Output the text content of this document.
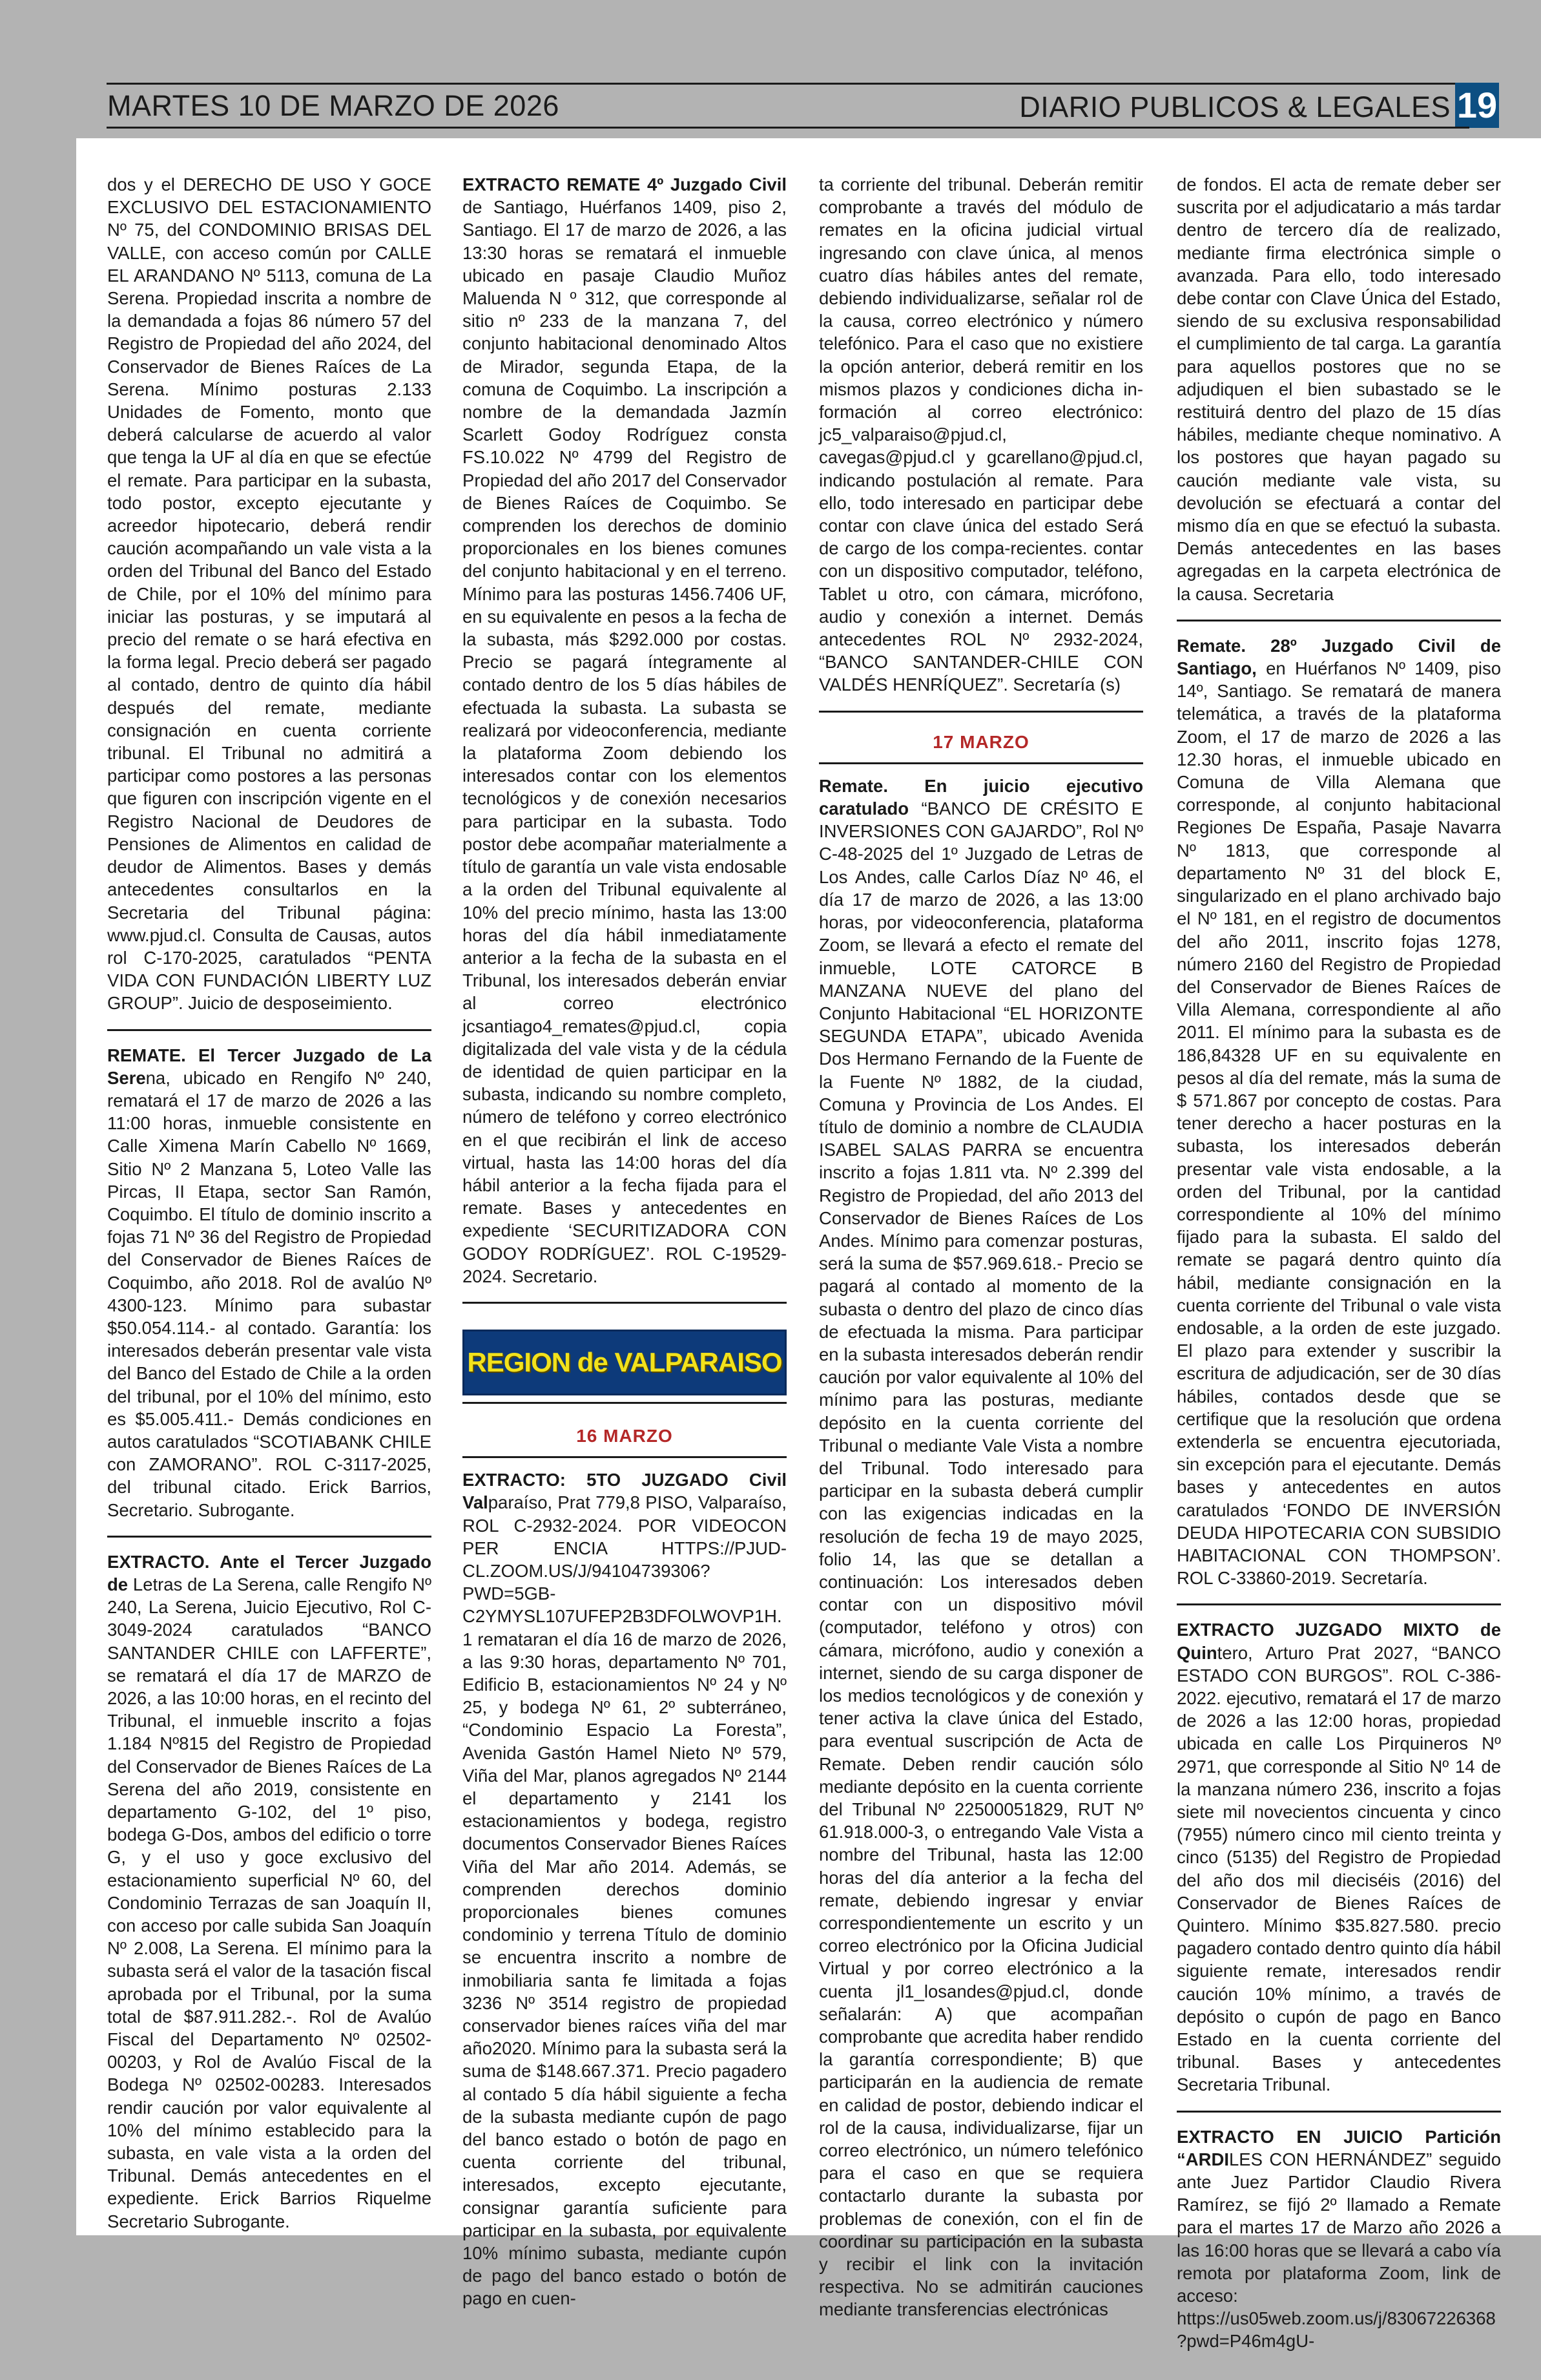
MARTES 10 DE MARZO DE 2026	DIARIO PUBLICOS & LEGALES 19

dos y el DERECHO DE USO Y GOCE EXCLUSIVO DEL ESTACIONAMIENTO Nº 75, del CONDOMINIO BRISAS DEL VALLE, con acceso común por CALLE EL ARANDANO Nº 5113, comuna de La Serena. Propiedad inscrita a nombre de la demandada a fojas 86 número 57 del Registro de Propiedad del año 2024, del Conservador de Bienes Raíces de La Serena. Mínimo posturas 2.133 Unidades de Fomento, monto que deberá calcularse de acuerdo al valor que tenga la UF al día en que se efectúe el remate. Para participar en la subasta, todo postor, excepto ejecutante y acreedor hipotecario, deberá rendir caución acompañando un vale vista a la orden del Tribunal del Banco del Estado de Chile, por el 10% del mínimo para iniciar las posturas, y se imputará al precio del remate o se hará efectiva en la forma legal. Precio deberá ser pagado al contado, dentro de quinto día hábil después del remate, mediante consignación en cuenta corriente tribunal. El Tribunal no admitirá a participar como postores a las personas que figuren con inscripción vigente en el Registro Nacional de Deudores de Pensiones de Alimentos en calidad de deudor de Alimentos. Bases y demás antecedentes consultarlos en la Secretaria del Tribunal página: www.pjud.cl. Consulta de Causas, autos rol C-170-2025, caratulados “PENTA VIDA CON FUNDACIÓN LIBERTY LUZ GROUP”. Juicio de desposeimiento.

REMATE. El Tercer Juzgado de La Serena, ubicado en Rengifo Nº 240, rematará el 17 de marzo de 2026 a las 11:00 horas, inmueble consistente en Calle Ximena Marín Cabello Nº 1669, Sitio Nº 2 Manzana 5, Loteo Valle las Pircas, II Etapa, sector San Ramón, Coquimbo. El título de dominio inscrito a fojas 71 Nº 36 del Registro de Propiedad del Conservador de Bienes Raíces de Coquimbo, año 2018. Rol de avalúo Nº 4300-123. Mínimo para subastar $50.054.114.- al contado. Garantía: los interesados deberán presentar vale vista del Banco del Estado de Chile a la orden del tribunal, por el 10% del mínimo, esto es $5.005.411.- Demás condiciones en autos caratulados “SCOTIABANK CHILE con ZAMORANO”. ROL C-3117-2025, del tribunal citado. Erick Barrios, Secretario. Subrogante.

EXTRACTO. Ante el Tercer Juzgado de Letras de La Serena, calle Rengifo Nº 240, La Serena, Juicio Ejecutivo, Rol C-3049-2024 caratulados “BANCO SANTANDER CHILE con LAFFERTE”, se rematará el día 17 de MARZO de 2026, a las 10:00 horas, en el recinto del Tribunal, el inmueble inscrito a fojas 1.184 Nº815 del Registro de Propiedad del Conservador de Bienes Raíces de La Serena del año 2019, consistente en departamento G-102, del 1º piso, bodega G-Dos, ambos del edificio o torre G, y el uso y goce exclusivo del estacionamiento superficial Nº 60, del Condominio Terrazas de san Joaquín II, con acceso por calle subida San Joaquín Nº 2.008, La Serena. El mínimo para la subasta será el valor de la tasación fiscal aprobada por el Tribunal, por la suma total de $87.911.282.-. Rol de Avalúo Fiscal del Departamento Nº 02502-00203, y Rol de Avalúo Fiscal de la Bodega Nº 02502-00283. Interesados rendir caución por valor equivalente al 10% del mínimo establecido para la subasta, en vale vista a la orden del Tribunal. Demás antecedentes en el expediente. Erick Barrios Riquelme Secretario Subrogante.

EXTRACTO REMATE 4º Juzgado Civil de Santiago, Huérfanos 1409, piso 2, Santiago. El 17 de marzo de 2026, a las 13:30 horas se rematará el inmueble ubicado en pasaje Claudio Muñoz Maluenda N º 312, que corresponde al sitio nº 233 de la manzana 7, del conjunto habitacional denominado Altos de Mirador, segunda Etapa, de la comuna de Coquimbo. La inscripción a nombre de la demandada Jazmín Scarlett Godoy Rodríguez consta FS.10.022 Nº 4799 del Registro de Propiedad del año 2017 del Conservador de Bienes Raíces de Coquimbo. Se comprenden los derechos de dominio proporcionales en los bienes comunes del conjunto habitacional y en el terreno. Mínimo para las posturas 1456.7406 UF, en su equivalente en pesos a la fecha de la subasta, más $292.000 por costas. Precio se pagará íntegramente al contado dentro de los 5 días hábiles de efectuada la subasta. La subasta se realizará por videoconferencia, mediante la plataforma Zoom debiendo los interesados contar con los elementos tecnológicos y de conexión necesarios para participar en la subasta. Todo postor debe acompañar materialmente a título de garantía un vale vista endosable a la orden del Tribunal equivalente al 10% del precio mínimo, hasta las 13:00 horas del día hábil inmediatamente anterior a la fecha de la subasta en el Tribunal, los interesados deberán enviar al correo electrónico jcsantiago4_remates@pjud.cl, copia digitalizada del vale vista y de la cédula de identidad de quien participar en la subasta, indicando su nombre completo, número de teléfono y correo electrónico en el que recibirán el link de acceso virtual, hasta las 14:00 horas del día hábil anterior a la fecha fijada para el remate. Bases y antecedentes en expediente ‘SECURITIZADORA CON GODOY RODRÍGUEZ’. ROL C-19529-2024. Secretario.

REGION de VALPARAISO
16 MARZO

EXTRACTO: 5TO JUZGADO Civil Valparaíso, Prat 779,8 PISO, Valparaíso, ROL C-2932-2024. POR VIDEOCON PER ENCIA HTTPS://PJUD-CL.ZOOM.US/J/94104739306?PWD=5GB-C2YMYSL107UFEP2B3DFOLWOVP1H.1 remataran el día 16 de marzo de 2026, a las 9:30 horas, departamento Nº 701, Edificio B, estacionamientos Nº 24 y Nº 25, y bodega Nº 61, 2º subterráneo, “Condominio Espacio La Foresta”, Avenida Gastón Hamel Nieto Nº 579, Viña del Mar, planos agregados Nº 2144 el departamento y 2141 los estacionamientos y bodega, registro documentos Conservador Bienes Raíces Viña del Mar año 2014. Además, se comprenden derechos dominio proporcionales bienes comunes condominio y terrena Título de dominio se encuentra inscrito a nombre de inmobiliaria santa fe limitada a fojas 3236 Nº 3514 registro de propiedad conservador bienes raíces viña del mar año2020. Mínimo para la subasta será la suma de $148.667.371. Precio pagadero al contado 5 día hábil siguiente a fecha de la subasta mediante cupón de pago del banco estado o botón de pago en cuenta corriente del tribunal, interesados, excepto ejecutante, consignar garantía suficiente para participar en la subasta, por equivalente 10% mínimo subasta, mediante cupón de pago del banco estado o botón de pago en cuen-

ta corriente del tribunal. Deberán remitir comprobante a través del módulo de remates en la oficina judicial virtual ingresando con clave única, al menos cuatro días hábiles antes del remate, debiendo individualizarse, señalar rol de la causa, correo electrónico y número telefónico. Para el caso que no existiere la opción anterior, deberá remitir en los mismos plazos y condiciones dicha in-formación al correo electrónico: jc5_valparaiso@pjud.cl, cavegas@pjud.cl y gcarellano@pjud.cl, indicando postulación al remate. Para ello, todo interesado en participar debe contar con clave única del estado Será de cargo de los compa-recientes. contar con un dispositivo computador, teléfono, Tablet u otro, con cámara, micrófono, audio y conexión a internet. Demás antecedentes ROL Nº 2932-2024, “BANCO SANTANDER-CHILE CON VALDÉS HENRÍQUEZ”. Secretaría (s)

17 MARZO

Remate. En juicio ejecutivo caratulado “BANCO DE CRÉSITO E INVERSIONES CON GAJARDO”, Rol Nº C-48-2025 del 1º Juzgado de Letras de Los Andes, calle Carlos Díaz Nº 46, el día 17 de marzo de 2026, a las 13:00 horas, por videoconferencia, plataforma Zoom, se llevará a efecto el remate del inmueble, LOTE CATORCE B MANZANA NUEVE del plano del Conjunto Habitacional “EL HORIZONTE SEGUNDA ETAPA”, ubicado Avenida Dos Hermano Fernando de la Fuente de la Fuente Nº 1882, de la ciudad, Comuna y Provincia de Los Andes. El título de dominio a nombre de CLAUDIA ISABEL SALAS PARRA se encuentra inscrito a fojas 1.811 vta. Nº 2.399 del Registro de Propiedad, del año 2013 del Conservador de Bienes Raíces de Los Andes. Mínimo para comenzar posturas, será la suma de $57.969.618.- Precio se pagará al contado al momento de la subasta o dentro del plazo de cinco días de efectuada la misma. Para participar en la subasta interesados deberán rendir caución por valor equivalente al 10% del mínimo para las posturas, mediante depósito en la cuenta corriente del Tribunal o mediante Vale Vista a nombre del Tribunal. Todo interesado para participar en la subasta deberá cumplir con las exigencias indicadas en la resolución de fecha 19 de mayo 2025, folio 14, las que se detallan a continuación: Los interesados deben contar con un dispositivo móvil (computador, teléfono y otros) con cámara, micrófono, audio y conexión a internet, siendo de su carga disponer de los medios tecnológicos y de conexión y tener activa la clave única del Estado, para eventual suscripción de Acta de Remate. Deben rendir caución sólo mediante depósito en la cuenta corriente del Tribunal Nº 22500051829, RUT Nº 61.918.000-3, o entregando Vale Vista a nombre del Tribunal, hasta las 12:00 horas del día anterior a la fecha del remate, debiendo ingresar y enviar correspondientemente un escrito y un correo electrónico por la Oficina Judicial Virtual y por correo electrónico a la cuenta jl1_losandes@pjud.cl, donde señalarán: A) que acompañan comprobante que acredita haber rendido la garantía correspondiente; B) que participarán en la audiencia de remate en calidad de postor, debiendo indicar el rol de la causa, individualizarse, fijar un correo electrónico, un número telefónico para el caso en que se requiera contactarlo durante la subasta por problemas de conexión, con el fin de coordinar su participación en la subasta y recibir el link con la invitación respectiva. No se admitirán cauciones mediante transferencias electrónicas

de fondos. El acta de remate deber ser suscrita por el adjudicatario a más tardar dentro de tercero día de realizado, mediante firma electrónica simple o avanzada. Para ello, todo interesado debe contar con Clave Única del Estado, siendo de su exclusiva responsabilidad el cumplimiento de tal carga. La garantía para aquellos postores que no se adjudiquen el bien subastado se le restituirá dentro del plazo de 15 días hábiles, mediante cheque nominativo. A los postores que hayan pagado su caución mediante vale vista, su devolución se efectuará a contar del mismo día en que se efectuó la subasta. Demás antecedentes en las bases agregadas en la carpeta electrónica de la causa. Secretaria

Remate. 28º Juzgado Civil de Santiago, en Huérfanos Nº 1409, piso 14º, Santiago. Se rematará de manera telemática, a través de la plataforma Zoom, el 17 de marzo de 2026 a las 12.30 horas, el inmueble ubicado en Comuna de Villa Alemana que corresponde, al conjunto habitacional Regiones De España, Pasaje Navarra Nº 1813, que corresponde al departamento Nº 31 del block E, singularizado en el plano archivado bajo el Nº 181, en el registro de documentos del año 2011, inscrito fojas 1278, número 2160 del Registro de Propiedad del Conservador de Bienes Raíces de Villa Alemana, correspondiente al año 2011. El mínimo para la subasta es de 186,84328 UF en su equivalente en pesos al día del remate, más la suma de $ 571.867 por concepto de costas. Para tener derecho a hacer posturas en la subasta, los interesados deberán presentar vale vista endosable, a la orden del Tribunal, por la cantidad correspondiente al 10% del mínimo fijado para la subasta. El saldo del remate se pagará dentro quinto día hábil, mediante consignación en la cuenta corriente del Tribunal o vale vista endosable, a la orden de este juzgado. El plazo para extender y suscribir la escritura de adjudicación, ser de 30 días hábiles, contados desde que se certifique que la resolución que ordena extenderla se encuentra ejecutoriada, sin excepción para el ejecutante. Demás bases y antecedentes en autos caratulados ‘FONDO DE INVERSIÓN DEUDA HIPOTECARIA CON SUBSIDIO HABITACIONAL CON THOMPSON’. ROL C-33860-2019. Secretaría.

EXTRACTO JUZGADO MIXTO de Quintero, Arturo Prat 2027, “BANCO ESTADO CON BURGOS”. ROL C-386-2022. ejecutivo, rematará el 17 de marzo de 2026 a las 12:00 horas, propiedad ubicada en calle Los Pirquineros Nº 2971, que corresponde al Sitio Nº 14 de la manzana número 236, inscrito a fojas siete mil novecientos cincuenta y cinco (7955) número cinco mil ciento treinta y cinco (5135) del Registro de Propiedad del año dos mil dieciséis (2016) del Conservador de Bienes Raíces de Quintero. Mínimo $35.827.580. precio pagadero contado dentro quinto día hábil siguiente remate, interesados rendir caución 10% mínimo, a través de depósito o cupón de pago en Banco Estado en la cuenta corriente del tribunal. Bases y antecedentes Secretaria Tribunal.

EXTRACTO EN JUICIO Partición “ARDILES CON HERNÁNDEZ” seguido ante Juez Partidor Claudio Rivera Ramírez, se fijó 2º llamado a Remate para el martes 17 de Marzo año 2026 a las 16:00 horas que se llevará a cabo vía remota por plataforma Zoom, link de acceso: https://us05web.zoom.us/j/83067226368?pwd=P46m4gU-
